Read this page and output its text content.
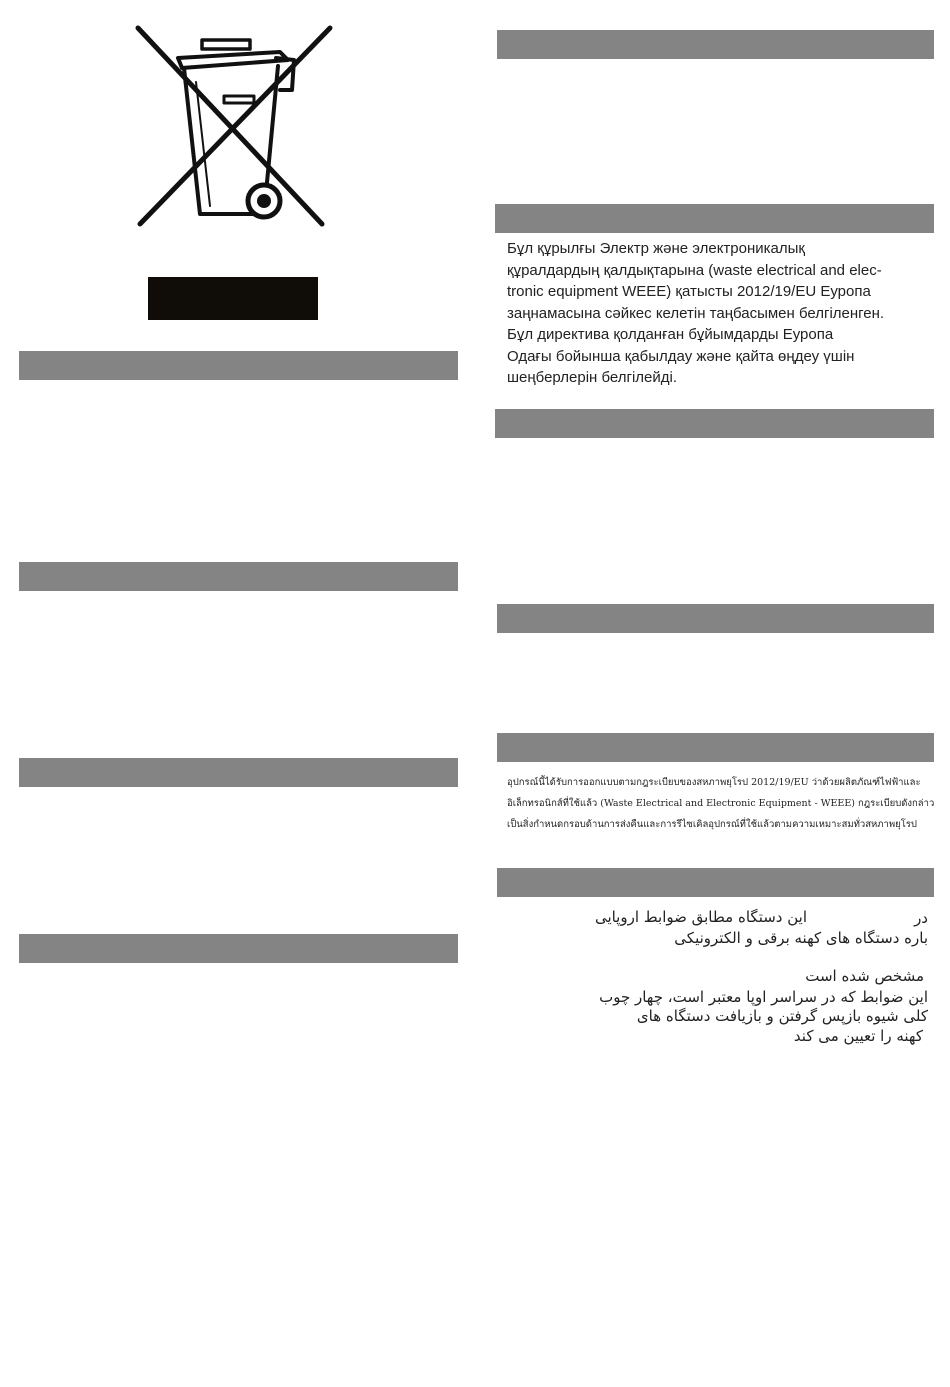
Бұл құрылғы Электр және электроникалық
құралдардың қалдықтарына (waste electrical and elec-
tronic equipment WEEE) қатысты 2012/19/EU Еуропа
заңнамасына сәйкес келетін таңбасымен белгіленген.
Бұл директива қолданған бұйымдарды Еуропа
Одағы бойынша қабылдау және қайта өңдеу үшін
шеңберлерін белгілейді.
อุปกรณ์นี้ได้รับการออกแบบตามกฎระเบียบของสหภาพยุโรป 2012/19/EU ว่าด้วยผลิตภัณฑ์ไฟฟ้าและ
อิเล็กทรอนิกส์ที่ใช้แล้ว (Waste Electrical and Electronic Equipment - WEEE) กฎระเบียบดังกล่าว
เป็นสิ่งกำหนดกรอบด้านการส่งคืนและการรีไซเคิลอุปกรณ์ที่ใช้แล้วตามความเหมาะสมทั่วสหภาพยุโรป
این دستگاه مطابق ضوابط اروپایی	در
باره دستگاه های کهنه برقی و الکترونیکی
مشخص شده است
این ضوابط که در سراسر اوپا معتبر است، چهار چوب
کلی شیوه بازپس گرفتن و بازیافت دستگاه های
کهنه را تعیین می کند
